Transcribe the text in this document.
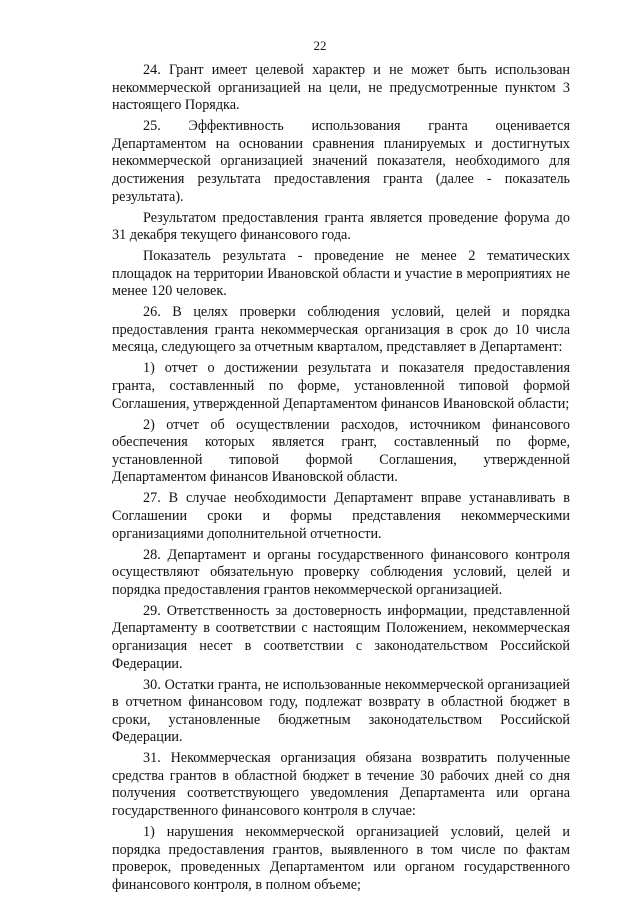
22

24. Грант имеет целевой характер и не может быть использован некоммерческой организацией на цели, не предусмотренные пунктом 3 настоящего Порядка.

25. Эффективность использования гранта оценивается Департаментом на основании сравнения планируемых и достигнутых некоммерческой организацией значений показателя, необходимого для достижения результата предоставления гранта (далее - показатель результата).

Результатом предоставления гранта является проведение форума до 31 декабря текущего финансового года.

Показатель результата - проведение не менее 2 тематических площадок на территории Ивановской области и участие в мероприятиях не менее 120 человек.

26. В целях проверки соблюдения условий, целей и порядка предоставления гранта некоммерческая организация в срок до 10 числа месяца, следующего за отчетным кварталом, представляет в Департамент:

1) отчет о достижении результата и показателя предоставления гранта, составленный по форме, установленной типовой формой Соглашения, утвержденной Департаментом финансов Ивановской области;

2) отчет об осуществлении расходов, источником финансового обеспечения которых является грант, составленный по форме, установленной типовой формой Соглашения, утвержденной Департаментом финансов Ивановской области.

27. В случае необходимости Департамент вправе устанавливать в Соглашении сроки и формы представления некоммерческими организациями дополнительной отчетности.

28. Департамент и органы государственного финансового контроля осуществляют обязательную проверку соблюдения условий, целей и порядка предоставления грантов некоммерческой организацией.

29. Ответственность за достоверность информации, представленной Департаменту в соответствии с настоящим Положением, некоммерческая организация несет в соответствии с законодательством Российской Федерации.

30. Остатки гранта, не использованные некоммерческой организацией в отчетном финансовом году, подлежат возврату в областной бюджет в сроки, установленные бюджетным законодательством Российской Федерации.

31. Некоммерческая организация обязана возвратить полученные средства грантов в областной бюджет в течение 30 рабочих дней со дня получения соответствующего уведомления Департамента или органа государственного финансового контроля в случае:

1) нарушения некоммерческой организацией условий, целей и порядка предоставления грантов, выявленного в том числе по фактам проверок, проведенных Департаментом или органом государственного финансового контроля, в полном объеме;
